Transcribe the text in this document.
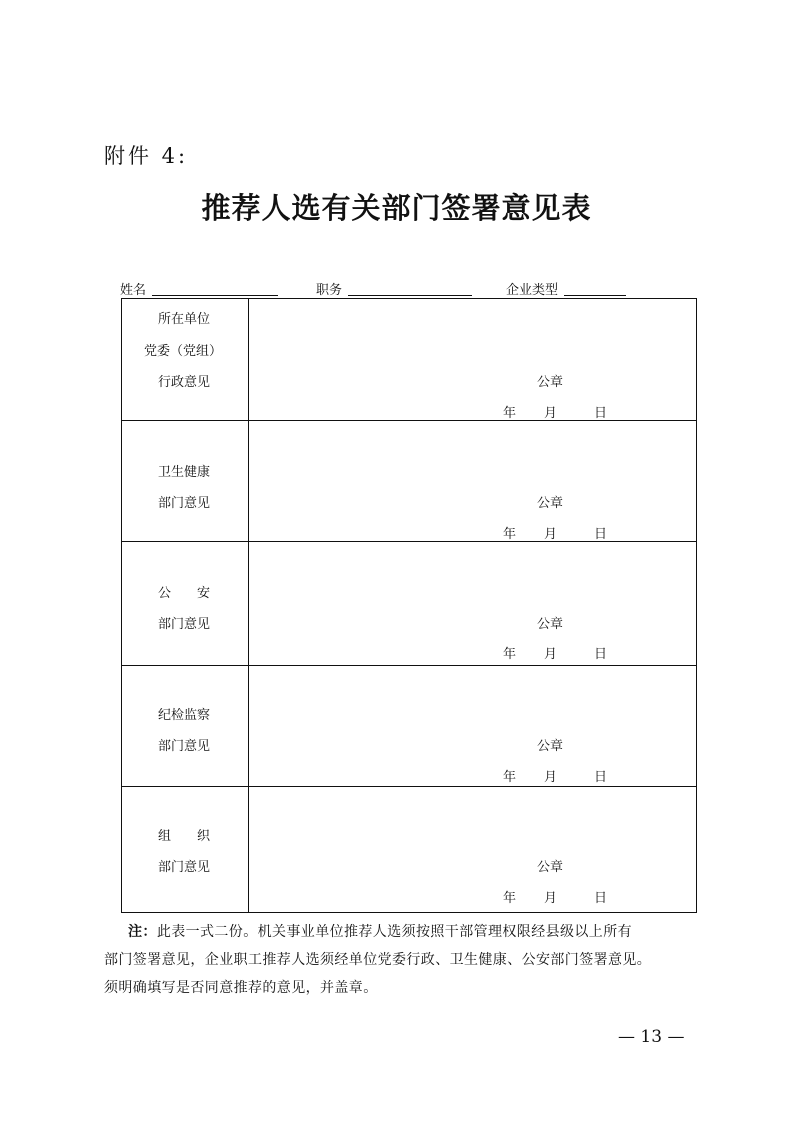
附件 4:
推荐人选有关部门签署意见表
姓名	职务	企业类型
所在单位
党委（党组）
行政意见	公章
年 月	日
卫生健康
部门意见	公章
年 月	日
公　　安
部门意见	公章
年 月	日
纪检监察
部门意见	公章
年 月	日
组　　织
部门意见	公章
年 月	日
注：此表一式二份。机关事业单位推荐人选须按照干部管理权限经县级以上所有
部门签署意见，企业职工推荐人选须经单位党委行政、卫生健康、公安部门签署意见。
须明确填写是否同意推荐的意见，并盖章。
— 13 —
